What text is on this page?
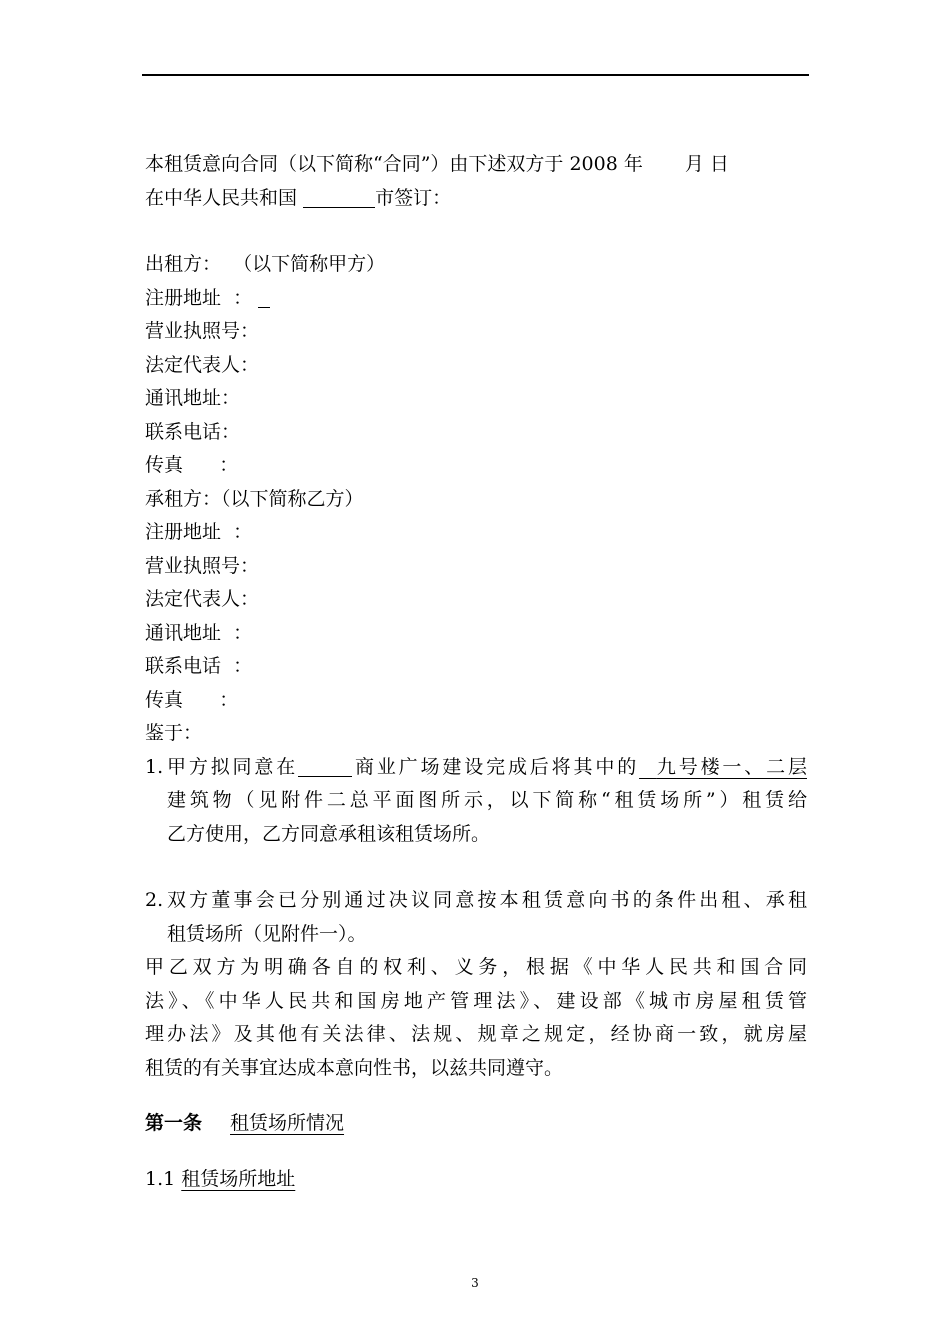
本租赁意向合同（以下简称“合同”）由下述双方于 2008 年 月 日
在中华人民共和国	市签订：
出租方：  （以下简称甲方）
注册地址  ：
营业执照号：
法定代表人：
通讯地址：
联系电话：
传真      ：
承租方：（以下简称乙方）
注册地址  ：
营业执照号：
法定代表人：
通讯地址  ：
联系电话  ：
传真      ：
鉴于：
1. 甲方拟同意在	商业广场建设完成后将其中的 九号楼一、二层
建筑物（见附件二总平面图所示，以下简称“租赁场所”）租赁给
乙方使用，乙方同意承租该租赁场所。
2. 双方董事会已分别通过决议同意按本租赁意向书的条件出租、承租
租赁场所（见附件一）。
甲乙双方为明确各自的权利、义务，根据《中华人民共和国合同
法》、《中华人民共和国房地产管理法》、建设部《城市房屋租赁管
理办法》及其他有关法律、法规、规章之规定，经协商一致，就房屋
租赁的有关事宜达成本意向性书，以兹共同遵守。
第一条 租赁场所情况
1.1 租赁场所地址
3
